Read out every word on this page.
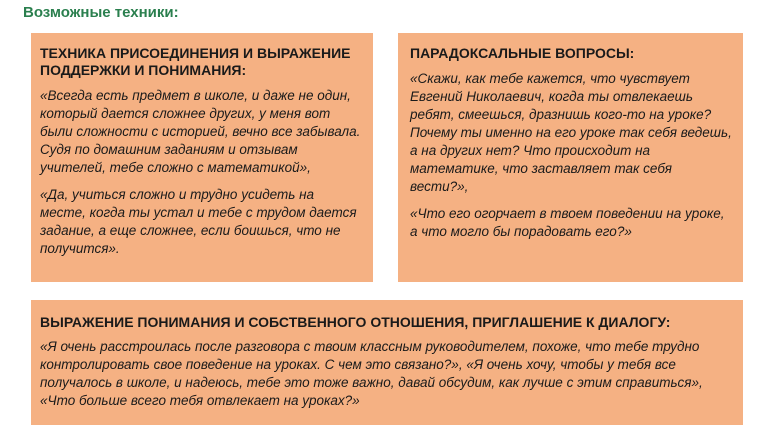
Возможные техники:
ТЕХНИКА ПРИСОЕДИНЕНИЯ И ВЫРАЖЕНИЕ ПОДДЕРЖКИ И ПОНИМАНИЯ:

«Всегда есть предмет в школе, и даже не один, который дается сложнее других, у меня вот были сложности с историей, вечно все забывала. Судя по домашним заданиям и отзывам учителей, тебе сложно с математикой»,

«Да, учиться сложно и трудно усидеть на месте, когда ты устал и тебе с трудом дается задание, а еще сложнее, если боишься, что не получится».

ПАРАДОКСАЛЬНЫЕ ВОПРОСЫ:

«Скажи, как тебе кажется, что чувствует Евгений Николаевич, когда ты отвлекаешь ребят, смеешься, дразнишь кого-то на уроке? Почему ты именно на его уроке так себя ведешь, а на других нет? Что происходит на математике, что заставляет так себя вести?»,

«Что его огорчает в твоем поведении на уроке, а что могло бы порадовать его?»

ВЫРАЖЕНИЕ ПОНИМАНИЯ И СОБСТВЕННОГО ОТНОШЕНИЯ, ПРИГЛАШЕНИЕ К ДИАЛОГУ:

«Я очень расстроилась после разговора с твоим классным руководителем, похоже, что тебе трудно контролировать свое поведение на уроках. С чем это связано?», «Я очень хочу, чтобы у тебя все получалось в школе, и надеюсь, тебе это тоже важно, давай обсудим, как лучше с этим справиться», «Что больше всего тебя отвлекает на уроках?»
